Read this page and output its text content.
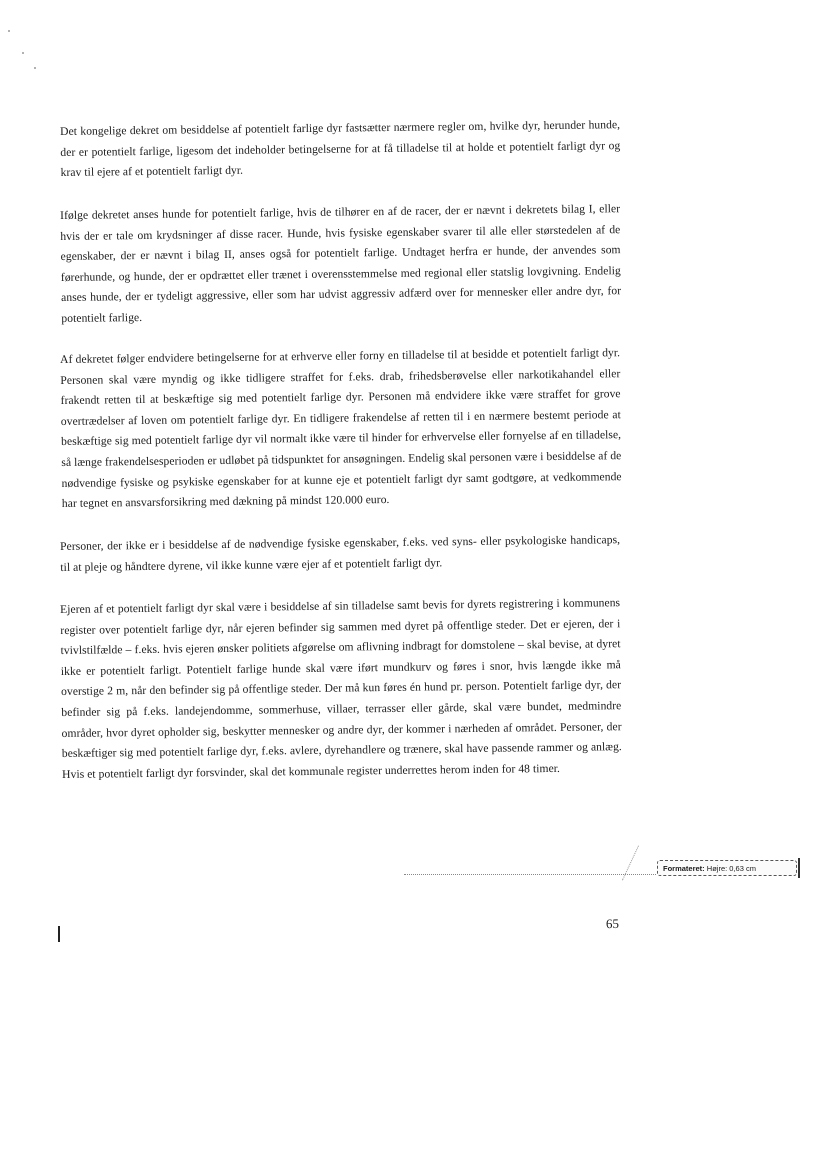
Det kongelige dekret om besiddelse af potentielt farlige dyr fastsætter nærmere regler om, hvilke dyr, herunder hunde, der er potentielt farlige, ligesom det indeholder betingelserne for at få tilladelse til at holde et potentielt farligt dyr og krav til ejere af et potentielt farligt dyr.

Ifølge dekretet anses hunde for potentielt farlige, hvis de tilhører en af de racer, der er nævnt i dekretets bilag I, eller hvis der er tale om krydsninger af disse racer. Hunde, hvis fysiske egenskaber svarer til alle eller størstedelen af de egenskaber, der er nævnt i bilag II, anses også for potentielt farlige. Undtaget herfra er hunde, der anvendes som førerhunde, og hunde, der er opdrættet eller trænet i overensstemmelse med regional eller statslig lovgivning. Endelig anses hunde, der er tydeligt aggressive, eller som har udvist aggressiv adfærd over for mennesker eller andre dyr, for potentielt farlige.

Af dekretet følger endvidere betingelserne for at erhverve eller forny en tilladelse til at besidde et potentielt farligt dyr. Personen skal være myndig og ikke tidligere straffet for f.eks. drab, frihedsberøvelse eller narkotikahandel eller frakendt retten til at beskæftige sig med potentielt farlige dyr. Personen må endvidere ikke være straffet for grove overtrædelser af loven om potentielt farlige dyr. En tidligere frakendelse af retten til i en nærmere bestemt periode at beskæftige sig med potentielt farlige dyr vil normalt ikke være til hinder for erhvervelse eller fornyelse af en tilladelse, så længe frakendelsesperioden er udløbet på tidspunktet for ansøgningen. Endelig skal personen være i besiddelse af de nødvendige fysiske og psykiske egenskaber for at kunne eje et potentielt farligt dyr samt godtgøre, at vedkommende har tegnet en ansvarsforsikring med dækning på mindst 120.000 euro.

Personer, der ikke er i besiddelse af de nødvendige fysiske egenskaber, f.eks. ved syns- eller psykologiske handicaps, til at pleje og håndtere dyrene, vil ikke kunne være ejer af et potentielt farligt dyr.

Ejeren af et potentielt farligt dyr skal være i besiddelse af sin tilladelse samt bevis for dyrets registrering i kommunens register over potentielt farlige dyr, når ejeren befinder sig sammen med dyret på offentlige steder. Det er ejeren, der i tvivlstilfælde – f.eks. hvis ejeren ønsker politiets afgørelse om aflivning indbragt for domstolene – skal bevise, at dyret ikke er potentielt farligt. Potentielt farlige hunde skal være iført mundkurv og føres i snor, hvis længde ikke må overstige 2 m, når den befinder sig på offentlige steder. Der må kun føres én hund pr. person. Potentielt farlige dyr, der befinder sig på f.eks. landejendomme, sommerhuse, villaer, terrasser eller gårde, skal være bundet, medmindre områder, hvor dyret opholder sig, beskytter mennesker og andre dyr, der kommer i nærheden af området. Personer, der beskæftiger sig med potentielt farlige dyr, f.eks. avlere, dyrehandlere og trænere, skal have passende rammer og anlæg. Hvis et potentielt farligt dyr forsvinder, skal det kommunale register underrettes herom inden for 48 timer.

Formateret: Højre: 0,63 cm
65
